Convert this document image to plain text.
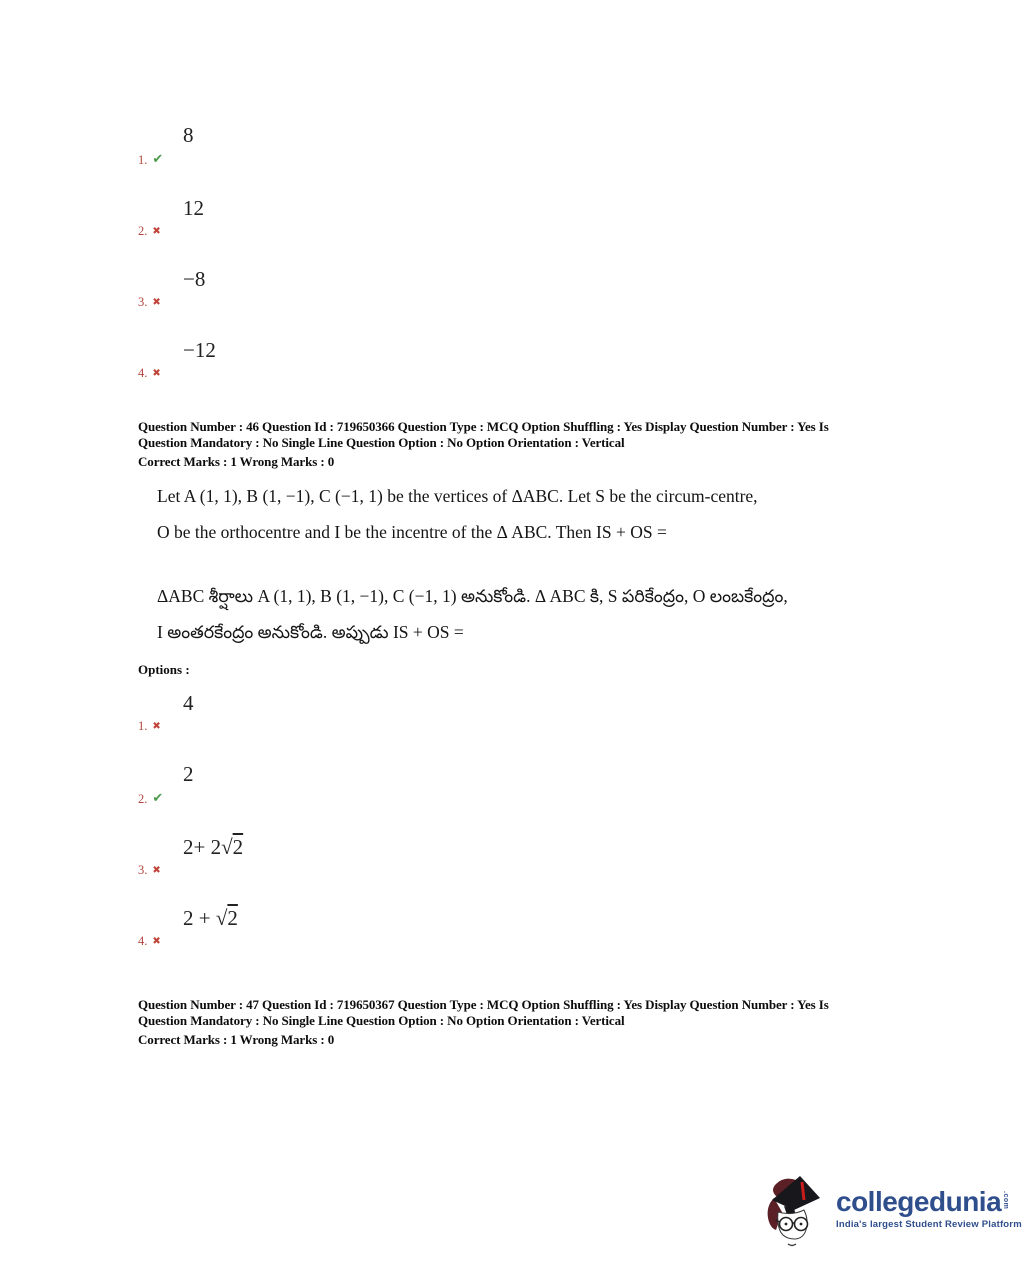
8
1. ✔
12
2. ✖
−8
3. ✖
−12
4. ✖
Question Number : 46 Question Id : 719650366 Question Type : MCQ Option Shuffling : Yes Display Question Number : Yes Is
Question Mandatory : No Single Line Question Option : No Option Orientation : Vertical
Correct Marks : 1 Wrong Marks : 0
Let A (1, 1), B (1, −1), C (−1, 1) be the vertices of ΔABC. Let S be the circum-centre,
O be the orthocentre and I be the incentre of the Δ ABC. Then IS + OS =
ΔABC శీర్షాలు A (1, 1), B (1, −1), C (−1, 1) అనుకోండి. Δ ABC కి, S పరికేంద్రం, O లంబకేంద్రం,
I అంతరకేంద్రం అనుకోండి. అప్పుడు IS + OS =
Options :
4
1. ✖
2
2. ✔
2+ 2√2
3. ✖
2 + √2
4. ✖
Question Number : 47 Question Id : 719650367 Question Type : MCQ Option Shuffling : Yes Display Question Number : Yes Is
Question Mandatory : No Single Line Question Option : No Option Orientation : Vertical
Correct Marks : 1 Wrong Marks : 0
collegedunia .com
India's largest Student Review Platform
